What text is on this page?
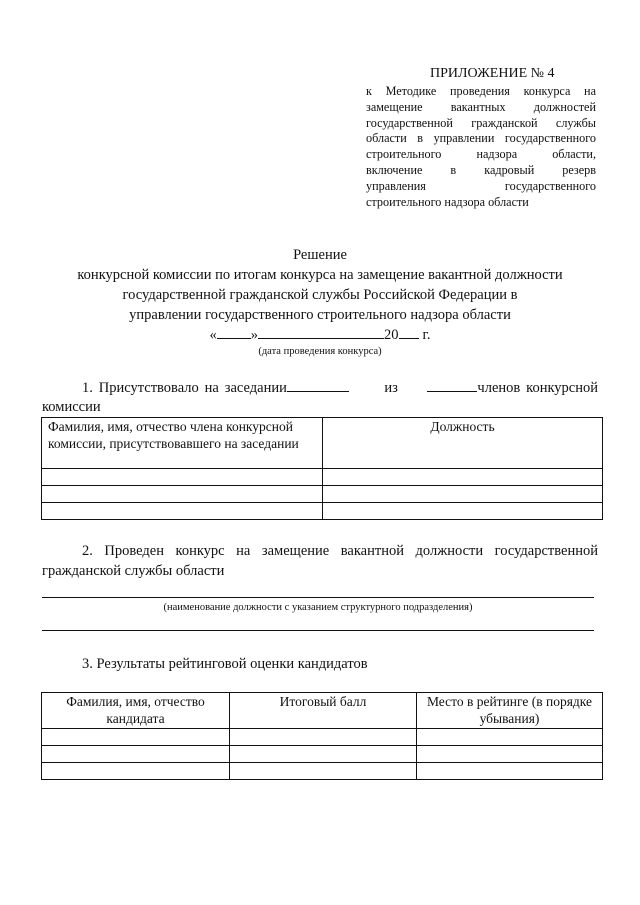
ПРИЛОЖЕНИЕ № 4
к Методике проведения конкурса на
замещение вакантных должностей
государственной гражданской службы
области в управлении государственного
строительного надзора области,
включение в кадровый резерв
управления государственного
строительного надзора области
Решение
конкурсной комиссии по итогам конкурса на замещение вакантной должности
государственной гражданской службы Российской Федерации в
управлении государственного строительного надзора области
« »	20 г.
(дата проведения конкурса)
1. Присутствовало на заседании	из	членов конкурсной
комиссии
Фамилия, имя, отчество члена конкурсной комиссии, присутствовавшего на заседании	Должность

2. Проведен конкурс на замещение вакантной должности государственной
гражданской службы области
(наименование должности с указанием структурного подразделения)
3. Результаты рейтинговой оценки кандидатов
Фамилия, имя, отчество кандидата	Итоговый балл	Место в рейтинге (в порядке убывания)
